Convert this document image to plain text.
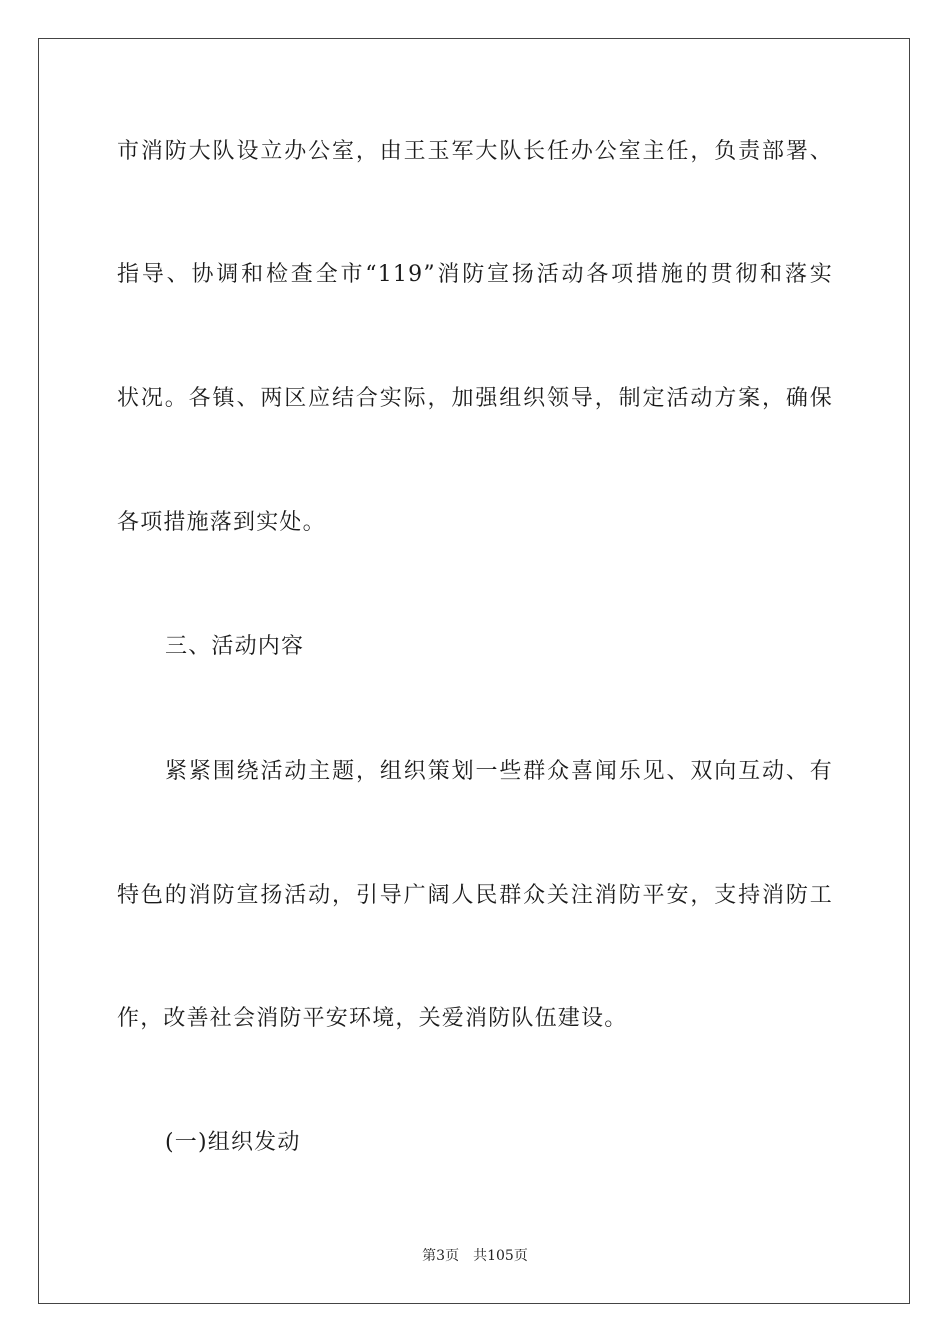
市消防大队设立办公室，由王玉军大队长任办公室主任，负责部署、
指导、协调和检查全市“119”消防宣扬活动各项措施的贯彻和落实
状况。各镇、两区应结合实际，加强组织领导，制定活动方案，确保
各项措施落到实处。
三、活动内容
紧紧围绕活动主题，组织策划一些群众喜闻乐见、双向互动、有
特色的消防宣扬活动，引导广阔人民群众关注消防平安，支持消防工
作，改善社会消防平安环境，关爱消防队伍建设。
(一)组织发动
第3页 共105页
